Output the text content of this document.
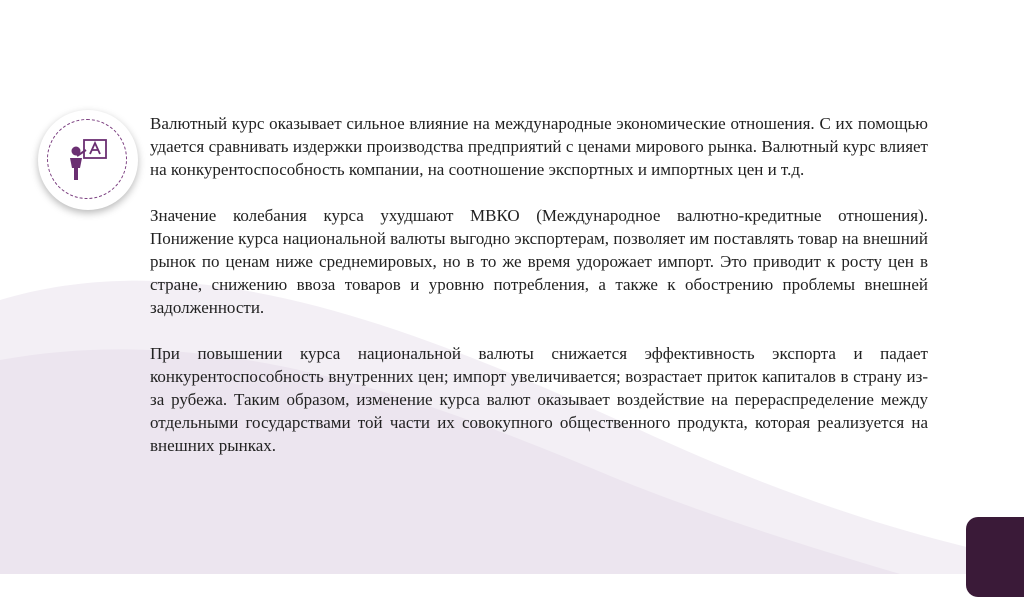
Валютный курс оказывает сильное влияние на международные экономические отношения. С их помощью удается сравнивать издержки производства предприятий с ценами мирового рынка. Валютный курс влияет на конкурентоспособность компании, на соотношение экспортных и импортных цен и т.д.

Значение колебания курса ухудшают МВКО (Международное валютно-кредитные отношения). Понижение курса национальной валюты выгодно экспортерам, позволяет им поставлять товар на внешний рынок по ценам ниже среднемировых, но в то же время удорожает импорт. Это приводит к росту цен в стране, снижению ввоза товаров и уровню потребления, а также к обострению проблемы внешней задолженности.

При повышении курса национальной валюты снижается эффективность экспорта и падает конкурентоспособность внутренних цен; импорт увеличивается; возрастает приток капиталов в страну из-за рубежа. Таким образом, изменение курса валют оказывает воздействие на перераспределение между отдельными государствами той части их совокупного общественного продукта, которая реализуется на внешних рынках.
